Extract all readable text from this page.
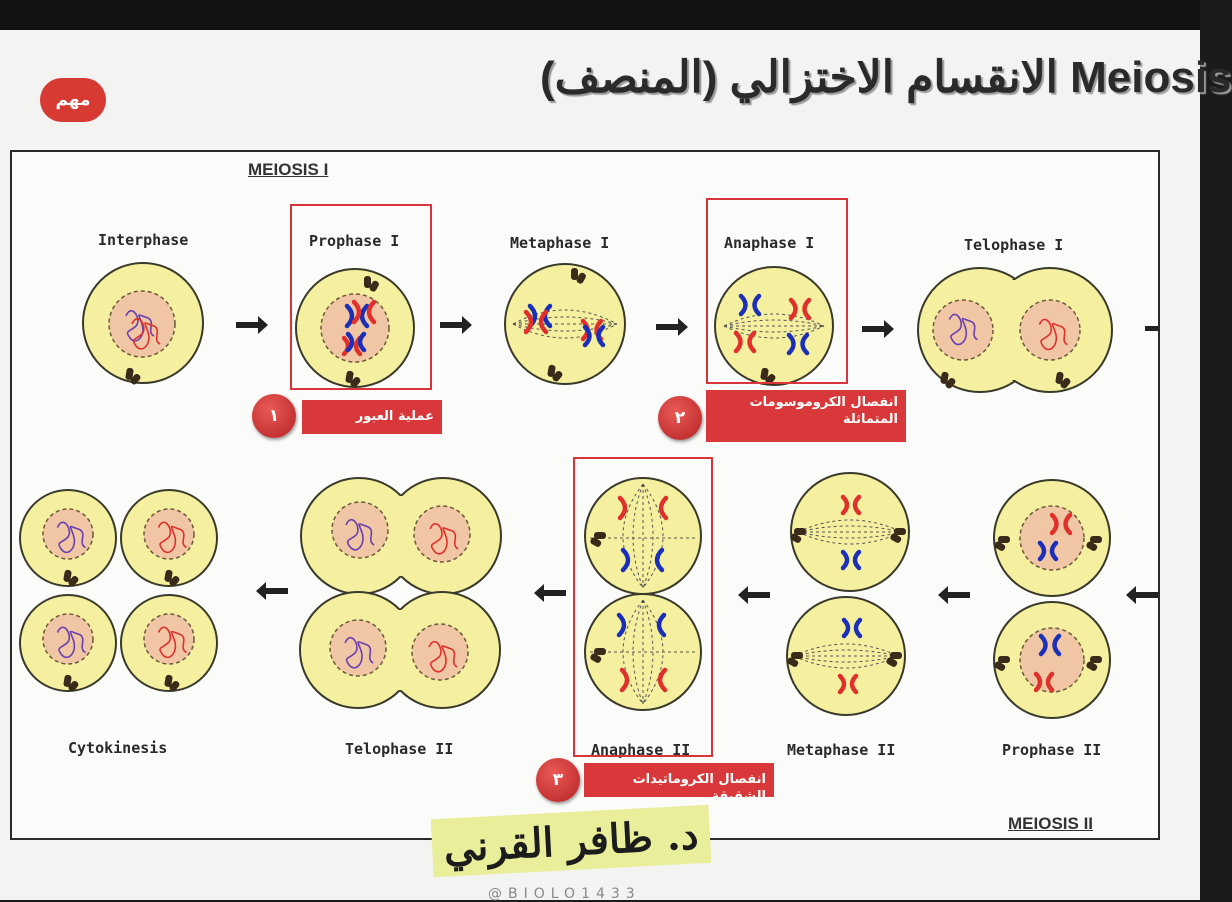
مهم	الانقسام الاختزالي (المنصف) Meiosis
MEIOSIS I
MEIOSIS II
Interphase	Prophase I	Metaphase I	Anaphase I	Telophase I
Prophase II
Metaphase II
Anaphase II
Telophase II
Cytokinesis
عملية العبور
١
انفصال الكروموسومات المتماثلة
٢
انفصال الكروماتيدات الشقيقة
٣
د. ظافر القرني
@BIOLO1433
